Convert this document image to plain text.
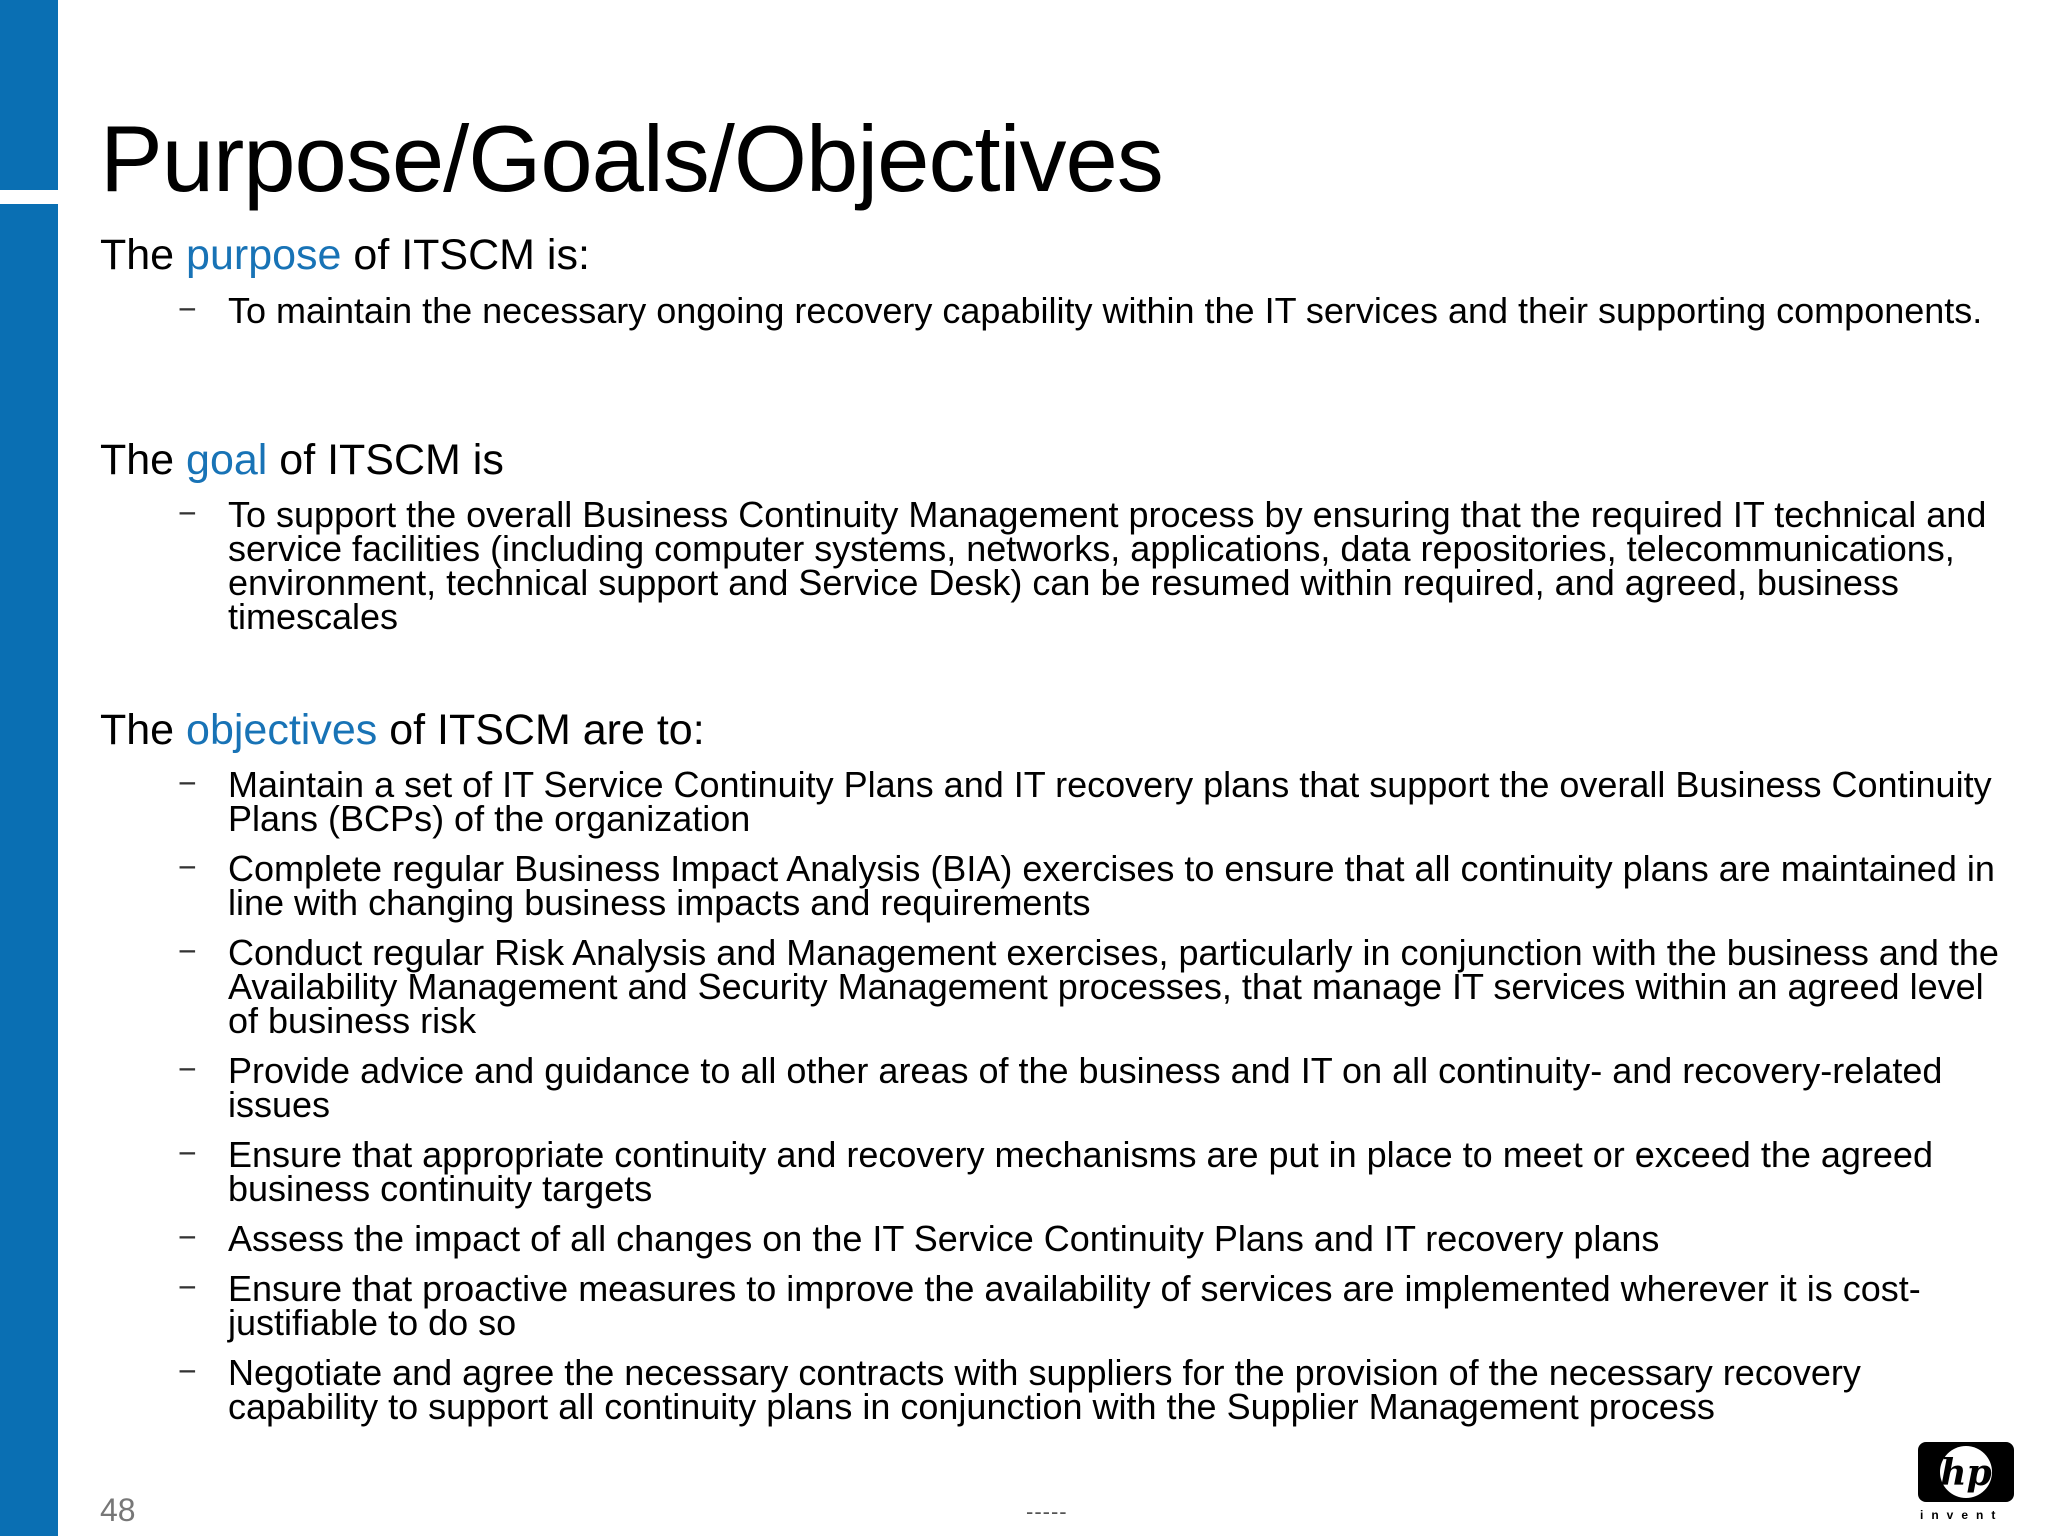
Purpose/Goals/Objectives
The purpose of ITSCM is:
− To maintain the necessary ongoing recovery capability within the IT services and their supporting components.
The goal of ITSCM is
− To support the overall Business Continuity Management process by ensuring that the required IT technical and service facilities (including computer systems, networks, applications, data repositories, telecommunications, environment, technical support and Service Desk) can be resumed within required, and agreed, business timescales
The objectives of ITSCM are to:
− Maintain a set of IT Service Continuity Plans and IT recovery plans that support the overall Business Continuity Plans (BCPs) of the organization
− Complete regular Business Impact Analysis (BIA) exercises to ensure that all continuity plans are maintained in line with changing business impacts and requirements
− Conduct regular Risk Analysis and Management exercises, particularly in conjunction with the business and the Availability Management and Security Management processes, that manage IT services within an agreed level of business risk
− Provide advice and guidance to all other areas of the business and IT on all continuity- and recovery-related issues
− Ensure that appropriate continuity and recovery mechanisms are put in place to meet or exceed the agreed business continuity targets
− Assess the impact of all changes on the IT Service Continuity Plans and IT recovery plans
− Ensure that proactive measures to improve the availability of services are implemented wherever it is cost-justifiable to do so
− Negotiate and agree the necessary contracts with suppliers for the provision of the necessary recovery capability to support all continuity plans in conjunction with the Supplier Management process
48	-----
hp
invent
